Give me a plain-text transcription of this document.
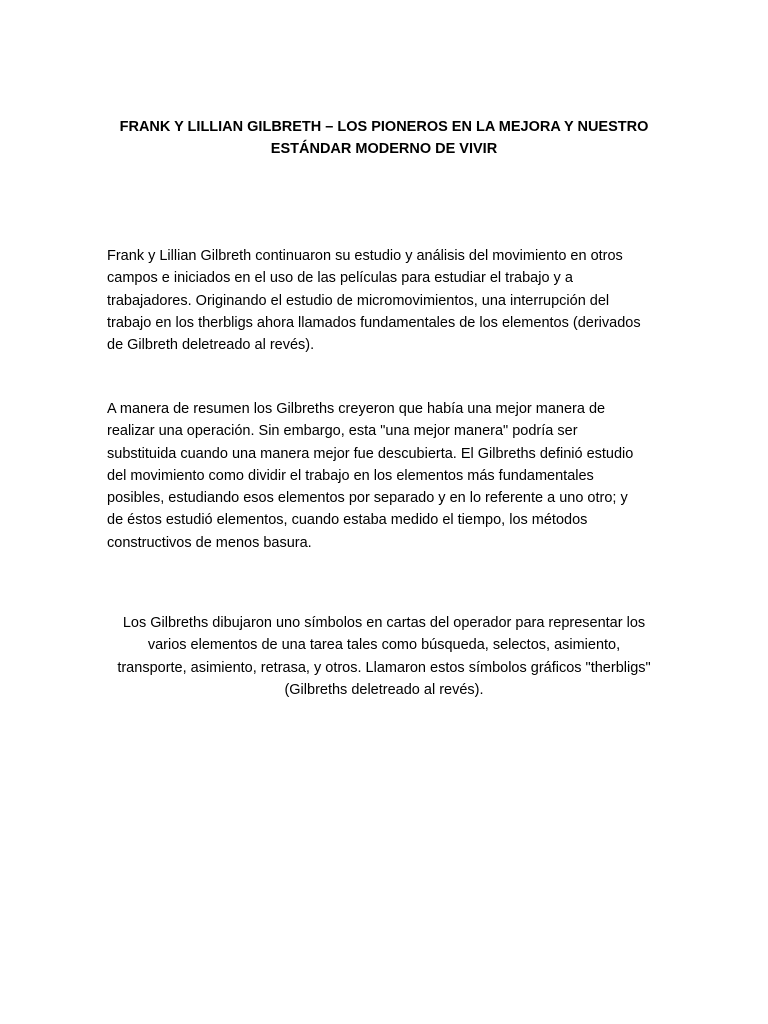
FRANK Y LILLIAN GILBRETH – LOS PIONEROS EN LA MEJORA Y NUESTRO
ESTÁNDAR MODERNO DE VIVIR

Frank y Lillian Gilbreth continuaron su estudio y análisis del movimiento en otros
campos e iniciados en el uso de las películas para estudiar el trabajo y a
trabajadores. Originando el estudio de micromovimientos, una interrupción del
trabajo en los therbligs ahora llamados fundamentales de los elementos (derivados
de Gilbreth deletreado al revés).

A manera de resumen los Gilbreths creyeron que había una mejor manera de
realizar una operación. Sin embargo, esta "una mejor manera" podría ser
substituida cuando una manera mejor fue descubierta. El Gilbreths definió estudio
del movimiento como dividir el trabajo en los elementos más fundamentales
posibles, estudiando esos elementos por separado y en lo referente a uno otro; y
de éstos estudió elementos, cuando estaba medido el tiempo, los métodos
constructivos de menos basura.

Los Gilbreths dibujaron uno símbolos en cartas del operador para representar los
varios elementos de una tarea tales como búsqueda, selectos, asimiento,
transporte, asimiento, retrasa, y otros. Llamaron estos símbolos gráficos "therbligs"
(Gilbreths deletreado al revés).
